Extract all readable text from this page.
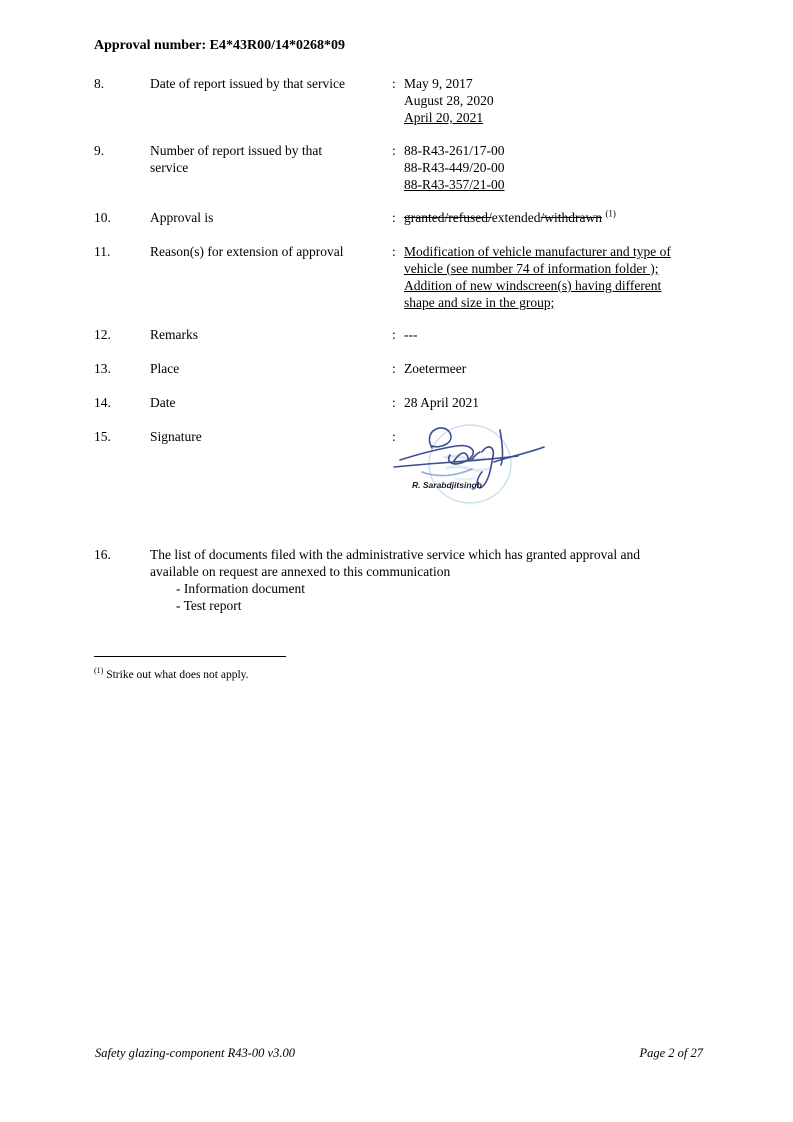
Approval number: E4*43R00/14*0268*09
8.	Date of report issued by that service	: May 9, 2017
August 28, 2020
April 20, 2021
9.	Number of report issued by that
service
: 88-R43-261/17-00
88-R43-449/20-00
88-R43-357/21-00
10.	Approval is	: granted/refused/extended/withdrawn $^{(1)}$
11.	Reason(s) for extension of approval	: Modification of vehicle manufacturer and type of
vehicle (see number 74 of information folder );
Addition of new windscreen(s) having different
shape and size in the group;
12.	Remarks	: ---
13.	Place	: Zoetermeer
14.	Date	: 28 April 2021
15.	Signature	:
R. Sarabdjitsingh
16.	The list of documents filed with the administrative service which has granted approval and
available on request are annexed to this communication
- Information document
- Test report
$^{(1)}$ Strike out what does not apply.
Safety glazing-component R43-00 v3.00	Page 2 of 27
